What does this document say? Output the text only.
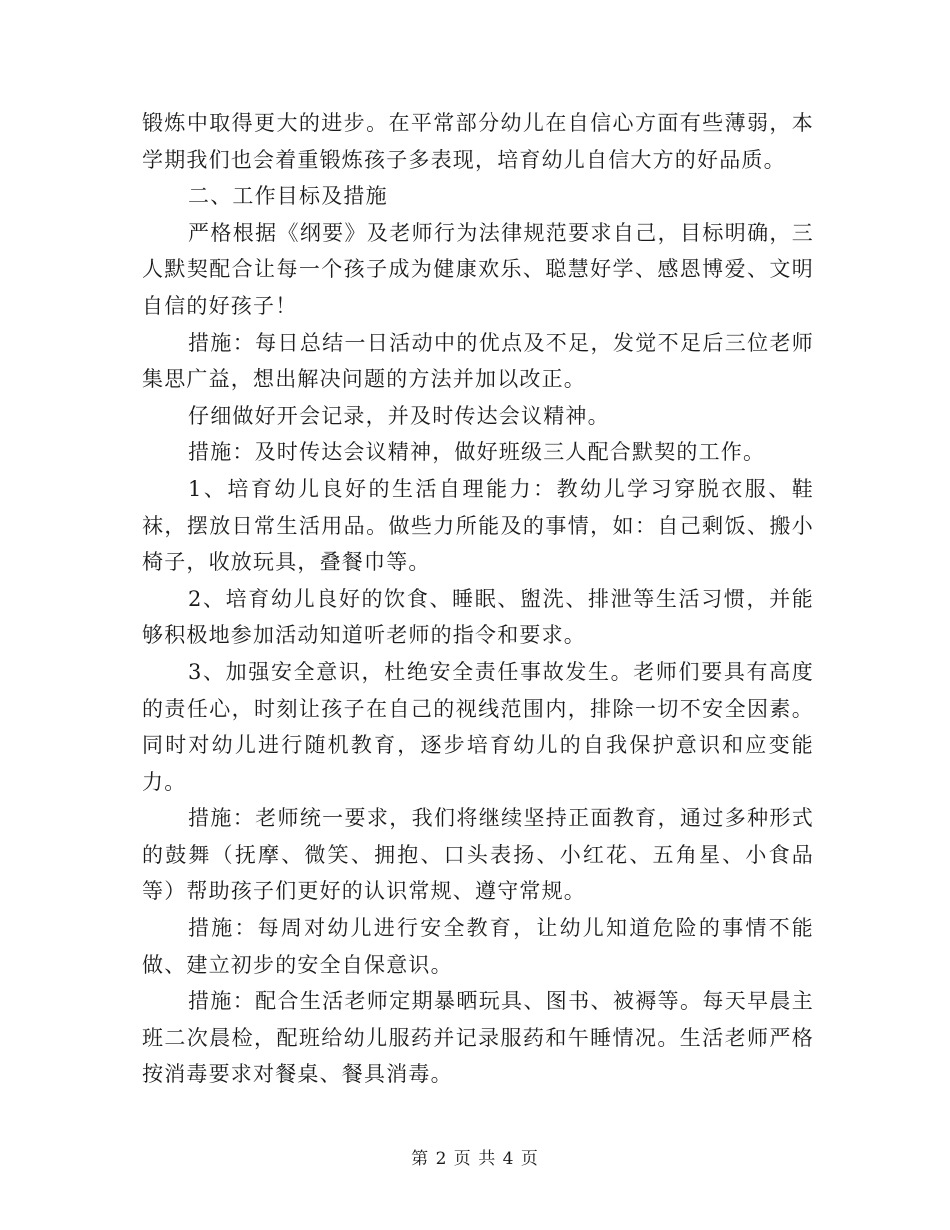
锻炼中取得更大的进步。在平常部分幼儿在自信心方面有些薄弱，本学期我们也会着重锻炼孩子多表现，培育幼儿自信大方的好品质。

二、工作目标及措施

严格根据《纲要》及老师行为法律规范要求自己，目标明确，三人默契配合让每一个孩子成为健康欢乐、聪慧好学、感恩博爱、文明自信的好孩子！

措施：每日总结一日活动中的优点及不足，发觉不足后三位老师集思广益，想出解决问题的方法并加以改正。

仔细做好开会记录，并及时传达会议精神。

措施：及时传达会议精神，做好班级三人配合默契的工作。

1、培育幼儿良好的生活自理能力：教幼儿学习穿脱衣服、鞋袜，摆放日常生活用品。做些力所能及的事情，如：自己剩饭、搬小椅子，收放玩具，叠餐巾等。

2、培育幼儿良好的饮食、睡眠、盥洗、排泄等生活习惯，并能够积极地参加活动知道听老师的指令和要求。

3、加强安全意识，杜绝安全责任事故发生。老师们要具有高度的责任心，时刻让孩子在自己的视线范围内，排除一切不安全因素。同时对幼儿进行随机教育，逐步培育幼儿的自我保护意识和应变能力。

措施：老师统一要求，我们将继续坚持正面教育，通过多种形式的鼓舞（抚摩、微笑、拥抱、口头表扬、小红花、五角星、小食品等）帮助孩子们更好的认识常规、遵守常规。

措施：每周对幼儿进行安全教育，让幼儿知道危险的事情不能做、建立初步的安全自保意识。

措施：配合生活老师定期暴晒玩具、图书、被褥等。每天早晨主班二次晨检，配班给幼儿服药并记录服药和午睡情况。生活老师严格按消毒要求对餐桌、餐具消毒。

第 2 页 共 4 页
